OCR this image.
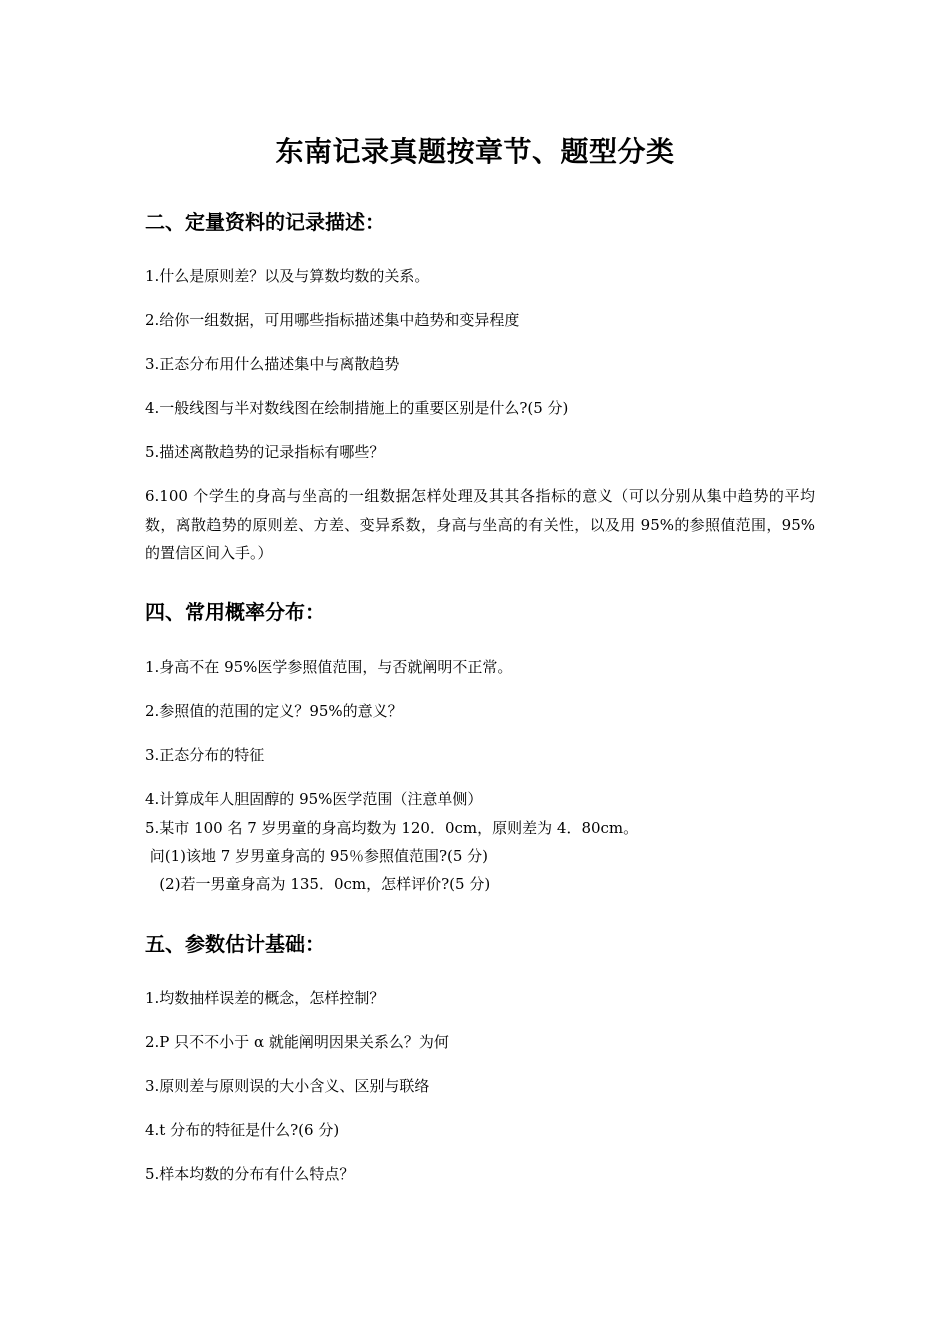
东南记录真题按章节、题型分类
二、定量资料的记录描述：
1.什么是原则差？以及与算数均数的关系。
2.给你一组数据，可用哪些指标描述集中趋势和变异程度
3.正态分布用什么描述集中与离散趋势
4.一般线图与半对数线图在绘制措施上的重要区别是什么?(5 分)
5.描述离散趋势的记录指标有哪些？
6.100 个学生的身高与坐高的一组数据怎样处理及其其各指标的意义（可以分别从集中趋势的平均数，离散趋势的原则差、方差、变异系数，身高与坐高的有关性，以及用 95%的参照值范围，95%的置信区间入手。）
四、常用概率分布：
1.身高不在 95%医学参照值范围，与否就阐明不正常。
2.参照值的范围的定义？95%的意义？
3.正态分布的特征
4.计算成年人胆固醇的 95%医学范围（注意单侧）
5.某市 100 名 7 岁男童的身高均数为 120．0cm，原则差为 4．80cm。
问(1)该地 7 岁男童身高的 95％参照值范围?(5 分)
(2)若一男童身高为 135．0cm，怎样评价?(5 分)
五、参数估计基础：
1.均数抽样误差的概念，怎样控制？
2.P 只不不小于 α 就能阐明因果关系么？为何
3.原则差与原则误的大小含义、区别与联络
4.t 分布的特征是什么?(6 分)
5.样本均数的分布有什么特点？
